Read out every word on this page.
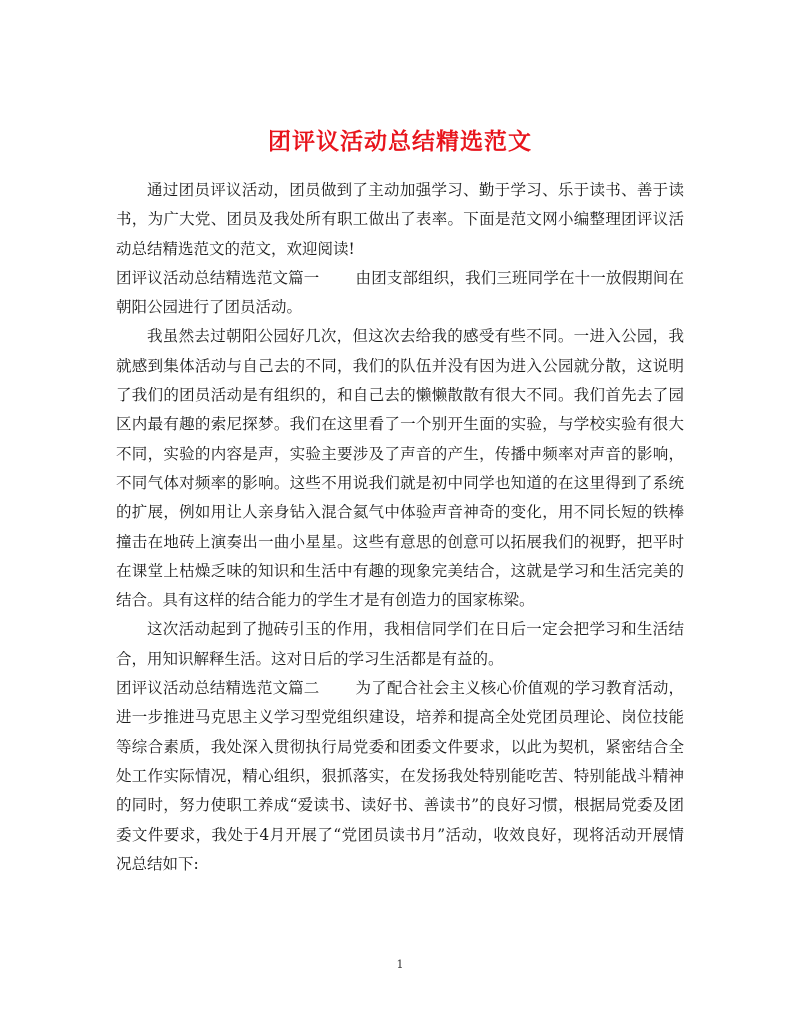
团评议活动总结精选范文

通过团员评议活动，团员做到了主动加强学习、勤于学习、乐于读书、善于读书，为广大党、团员及我处所有职工做出了表率。下面是范文网小编整理团评议活动总结精选范文的范文，欢迎阅读!

团评议活动总结精选范文篇一 由团支部组织，我们三班同学在十一放假期间在朝阳公园进行了团员活动。

我虽然去过朝阳公园好几次，但这次去给我的感受有些不同。一进入公园，我就感到集体活动与自己去的不同，我们的队伍并没有因为进入公园就分散，这说明了我们的团员活动是有组织的，和自己去的懒懒散散有很大不同。我们首先去了园区内最有趣的索尼探梦。我们在这里看了一个别开生面的实验，与学校实验有很大不同，实验的内容是声，实验主要涉及了声音的产生，传播中频率对声音的影响，不同气体对频率的影响。这些不用说我们就是初中同学也知道的在这里得到了系统的扩展，例如用让人亲身钻入混合氦气中体验声音神奇的变化，用不同长短的铁棒撞击在地砖上演奏出一曲小星星。这些有意思的创意可以拓展我们的视野，把平时在课堂上枯燥乏味的知识和生活中有趣的现象完美结合，这就是学习和生活完美的结合。具有这样的结合能力的学生才是有创造力的国家栋梁。

这次活动起到了抛砖引玉的作用，我相信同学们在日后一定会把学习和生活结合，用知识解释生活。这对日后的学习生活都是有益的。

团评议活动总结精选范文篇二 为了配合社会主义核心价值观的学习教育活动，进一步推进马克思主义学习型党组织建设，培养和提高全处党团员理论、岗位技能等综合素质，我处深入贯彻执行局党委和团委文件要求，以此为契机，紧密结合全处工作实际情况，精心组织，狠抓落实，在发扬我处特别能吃苦、特别能战斗精神的同时，努力使职工养成“爱读书、读好书、善读书”的良好习惯，根据局党委及团委文件要求，我处于4月开展了“党团员读书月”活动，收效良好，现将活动开展情况总结如下:

1
